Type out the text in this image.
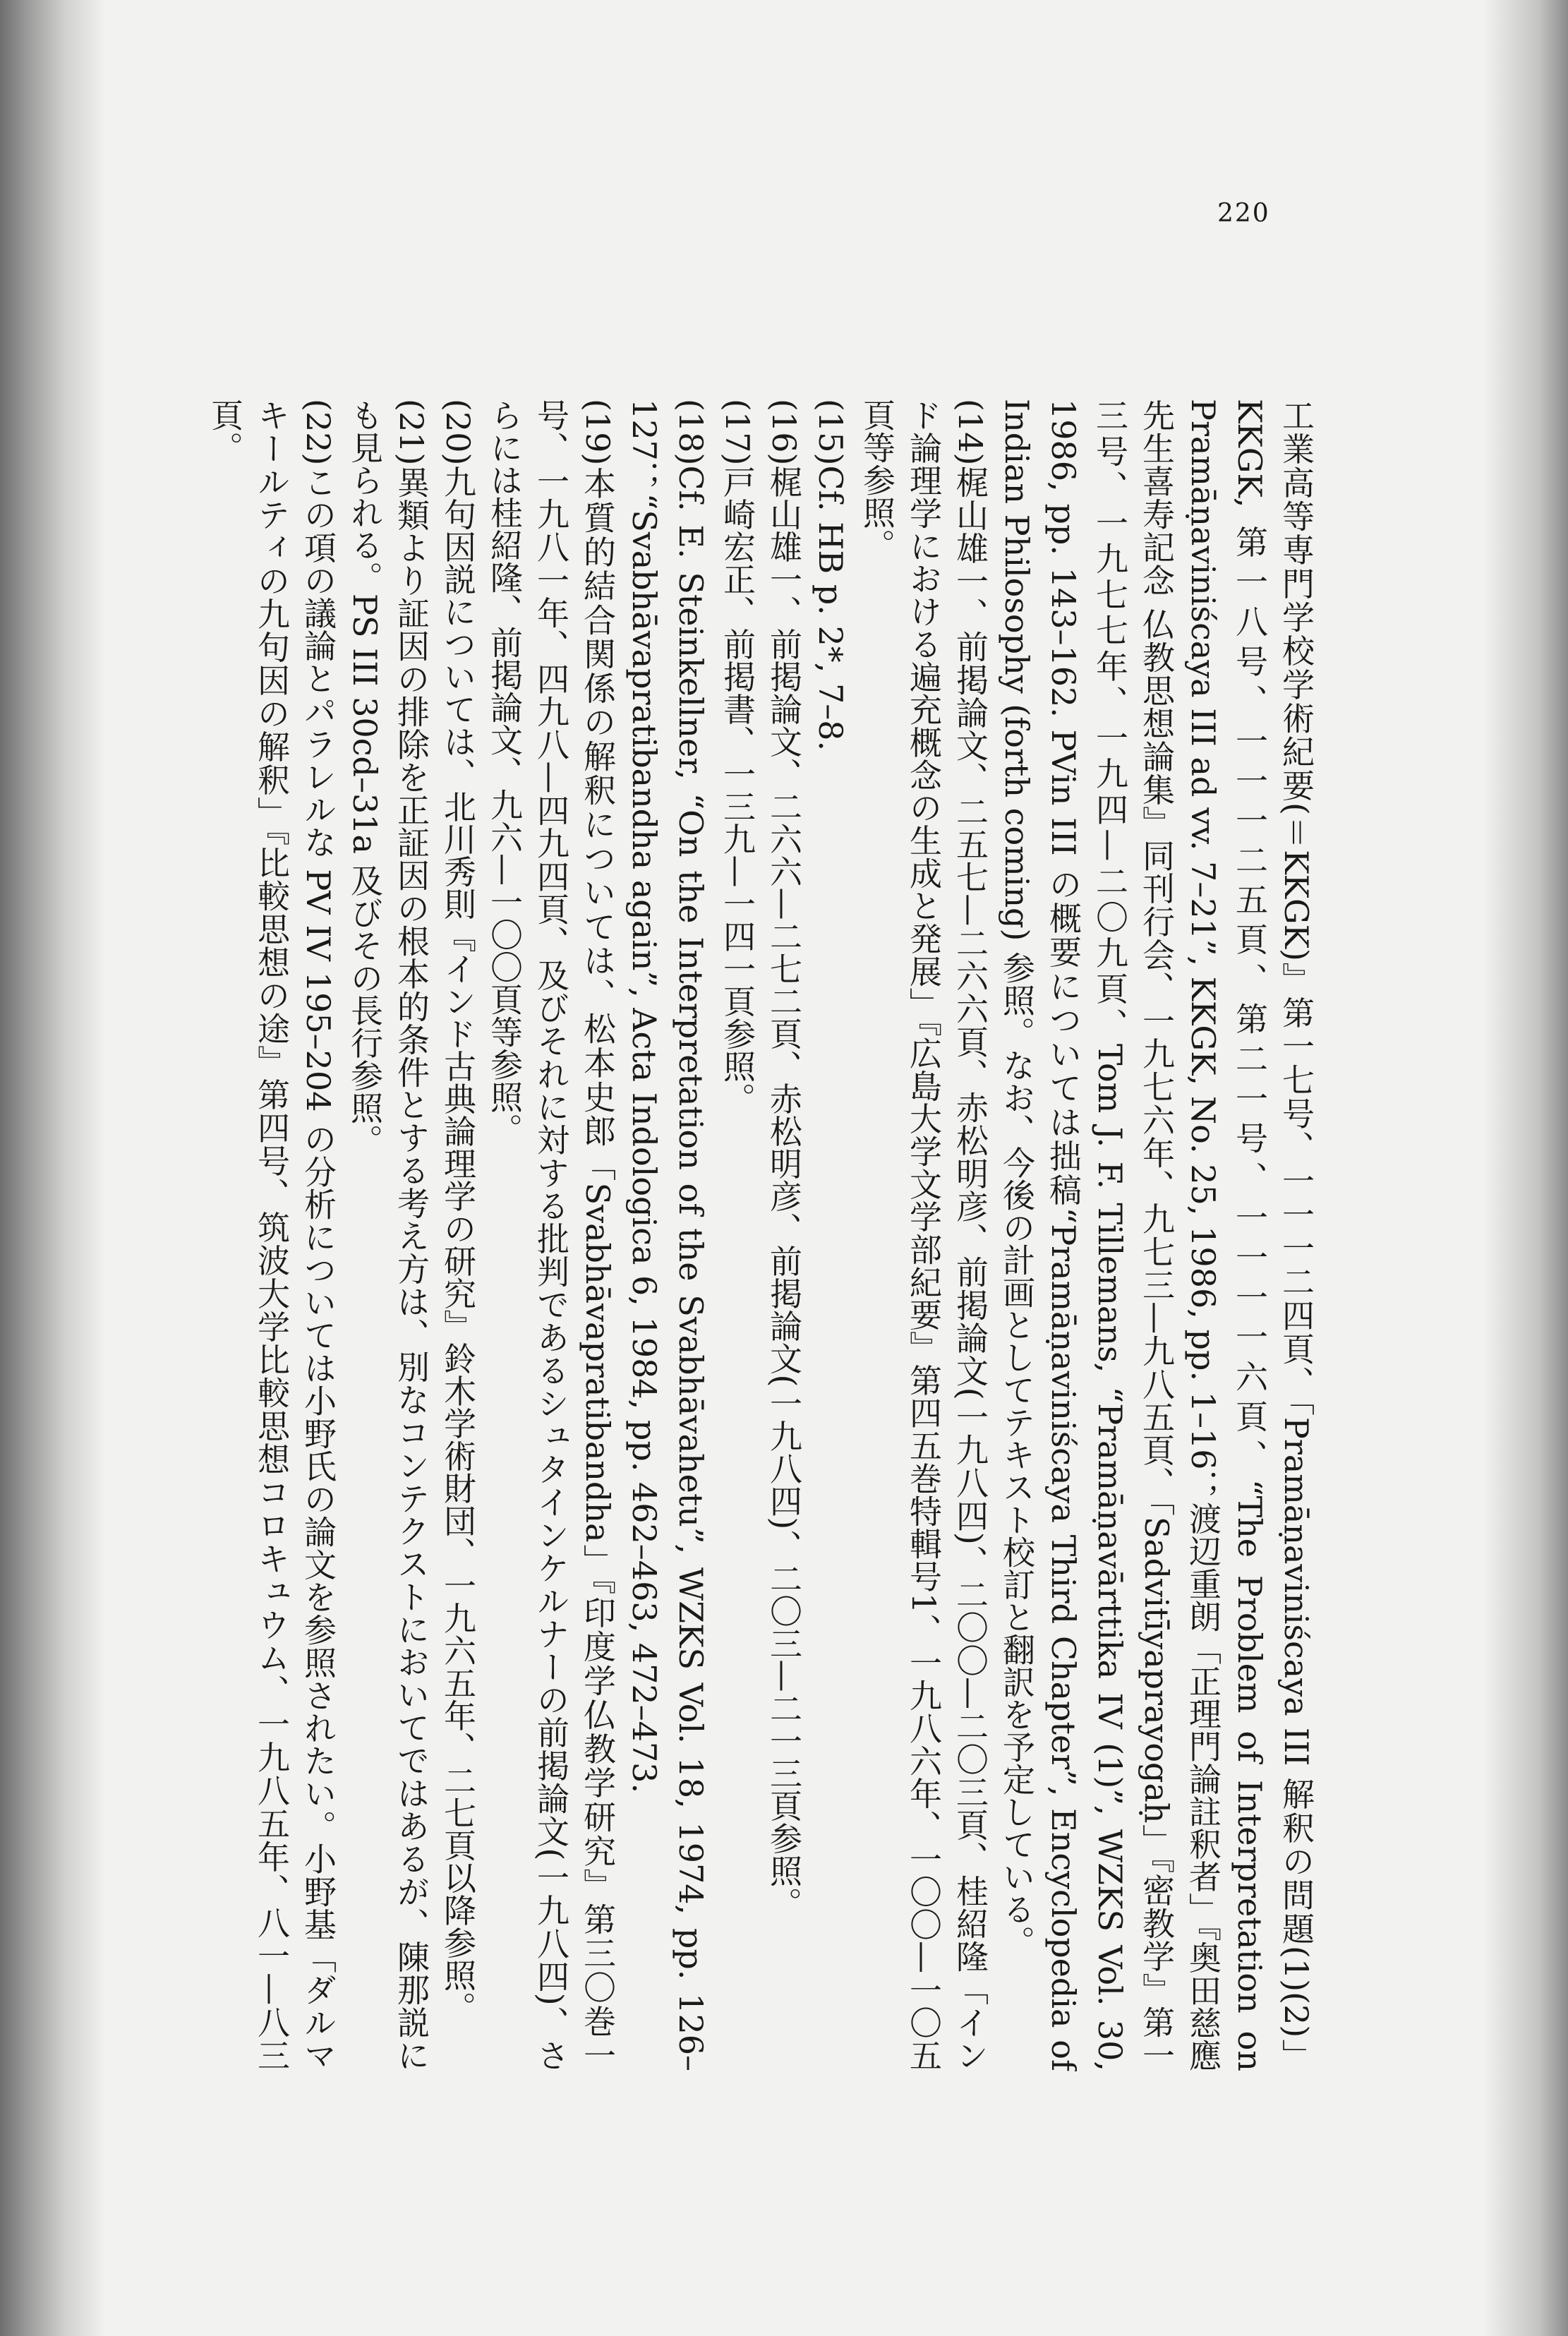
220

工業高等専門学校学術紀要(＝KKGK)』第一七号、一一一二四頁、「Pramāṇaviniścaya III 解釈の問題(1)(2)」KKGK, 第一八号、一一一二五頁、第二一号、一一一一六頁、“The Problem of Interpretation on Pramāṇaviniścaya III ad vv. 7–21”, KKGK, No. 25, 1986, pp. 1–16；渡辺重朗「正理門論註釈者」『奥田慈應先生喜寿記念 仏教思想論集』同刊行会、一九七六年、九七三—九八五頁、「Sadvitīyaprayogaḥ」『密教学』第一三号、一九七七年、一九四—二〇九頁、Tom J. F. Tillemans, “Pramāṇavārttika IV (1)”, WZKS Vol. 30, 1986, pp. 143–162. PVin III の概要については拙稿“Pramāṇaviniścaya Third Chapter”, Encyclopedia of Indian Philosophy (forth coming) 参照。なお、今後の計画としてテキスト校訂と翻訳を予定している。

(14)梶山雄一、前掲論文、二五七—二六六頁、赤松明彦、前掲論文(一九八四)、二〇〇—二〇三頁、桂紹隆「インド論理学における遍充概念の生成と発展」『広島大学文学部紀要』第四五巻特輯号1、一九八六年、一〇〇—一〇五頁等参照。

(15)Cf. HB p. 2*, 7–8.

(16)梶山雄一、前掲論文、二六六—二七二頁、赤松明彦、前掲論文(一九八四)、二〇三—二一三頁参照。

(17)戸崎宏正、前掲書、一三九—一四一頁参照。

(18)Cf. E. Steinkellner, “On the Interpretation of the Svabhāvahetu”, WZKS Vol. 18, 1974, pp. 126–127；“Svabhāvapratibandha again”, Acta Indologica 6, 1984, pp. 462–463, 472–473.

(19)本質的結合関係の解釈については、松本史郎「Svabhāvapratibandha」『印度学仏教学研究』第三〇巻一号、一九八一年、四九八—四九四頁、及びそれに対する批判であるシュタインケルナーの前掲論文(一九八四)、さらには桂紹隆、前掲論文、九六—一〇〇頁等参照。

(20)九句因説については、北川秀則『インド古典論理学の研究』鈴木学術財団、一九六五年、二七頁以降参照。

(21)異類より証因の排除を正証因の根本的条件とする考え方は、別なコンテクストにおいてではあるが、陳那説にも見られる。PS III 30cd–31a 及びその長行参照。

(22)この項の議論とパラレルな PV IV 195–204 の分析については小野氏の論文を参照されたい。小野基「ダルマキールティの九句因の解釈」『比較思想の途』第四号、筑波大学比較思想コロキュウム、一九八五年、八一—八三頁。
